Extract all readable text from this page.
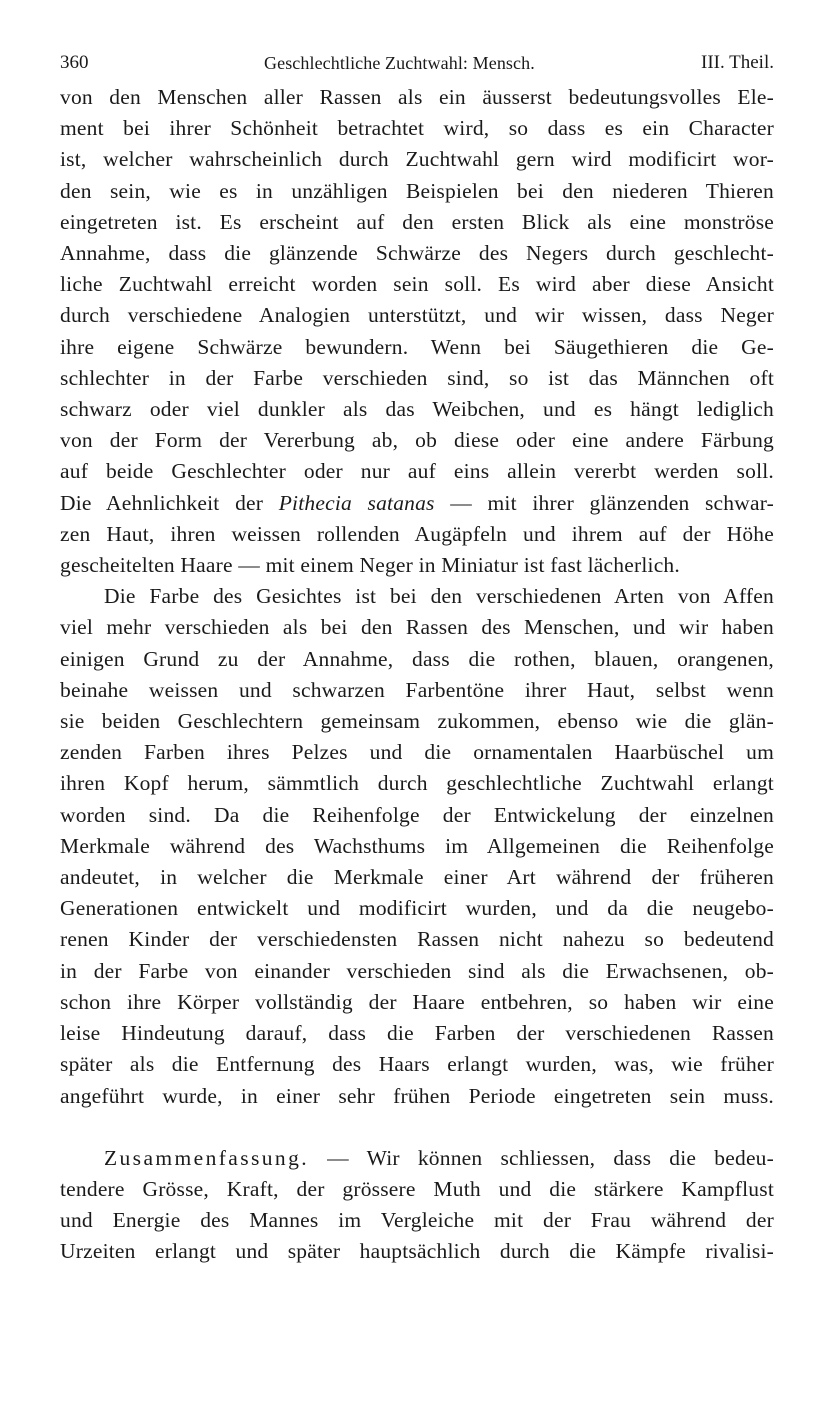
360	Geschlechtliche Zuchtwahl: Mensch.	III. Theil.
von den Menschen aller Rassen als ein äusserst bedeutungsvolles Ele-
ment bei ihrer Schönheit betrachtet wird, so dass es ein Character
ist, welcher wahrscheinlich durch Zuchtwahl gern wird modificirt wor-
den sein, wie es in unzähligen Beispielen bei den niederen Thieren
eingetreten ist. Es erscheint auf den ersten Blick als eine monströse
Annahme, dass die glänzende Schwärze des Negers durch geschlecht-
liche Zuchtwahl erreicht worden sein soll. Es wird aber diese Ansicht
durch verschiedene Analogien unterstützt, und wir wissen, dass Neger
ihre eigene Schwärze bewundern. Wenn bei Säugethieren die Ge-
schlechter in der Farbe verschieden sind, so ist das Männchen oft
schwarz oder viel dunkler als das Weibchen, und es hängt lediglich
von der Form der Vererbung ab, ob diese oder eine andere Färbung
auf beide Geschlechter oder nur auf eins allein vererbt werden soll.
Die Aehnlichkeit der Pithecia satanas — mit ihrer glänzenden schwar-
zen Haut, ihren weissen rollenden Augäpfeln und ihrem auf der Höhe
gescheitelten Haare — mit einem Neger in Miniatur ist fast lächerlich.
Die Farbe des Gesichtes ist bei den verschiedenen Arten von Affen
viel mehr verschieden als bei den Rassen des Menschen, und wir haben
einigen Grund zu der Annahme, dass die rothen, blauen, orangenen,
beinahe weissen und schwarzen Farbentöne ihrer Haut, selbst wenn
sie beiden Geschlechtern gemeinsam zukommen, ebenso wie die glän-
zenden Farben ihres Pelzes und die ornamentalen Haarbüschel um
ihren Kopf herum, sämmtlich durch geschlechtliche Zuchtwahl erlangt
worden sind. Da die Reihenfolge der Entwickelung der einzelnen
Merkmale während des Wachsthums im Allgemeinen die Reihenfolge
andeutet, in welcher die Merkmale einer Art während der früheren
Generationen entwickelt und modificirt wurden, und da die neugebo-
renen Kinder der verschiedensten Rassen nicht nahezu so bedeutend
in der Farbe von einander verschieden sind als die Erwachsenen, ob-
schon ihre Körper vollständig der Haare entbehren, so haben wir eine
leise Hindeutung darauf, dass die Farben der verschiedenen Rassen
später als die Entfernung des Haars erlangt wurden, was, wie früher
angeführt wurde, in einer sehr frühen Periode eingetreten sein muss.
Zusammenfassung. — Wir können schliessen, dass die bedeu-
tendere Grösse, Kraft, der grössere Muth und die stärkere Kampflust
und Energie des Mannes im Vergleiche mit der Frau während der
Urzeiten erlangt und später hauptsächlich durch die Kämpfe rivalisi-
